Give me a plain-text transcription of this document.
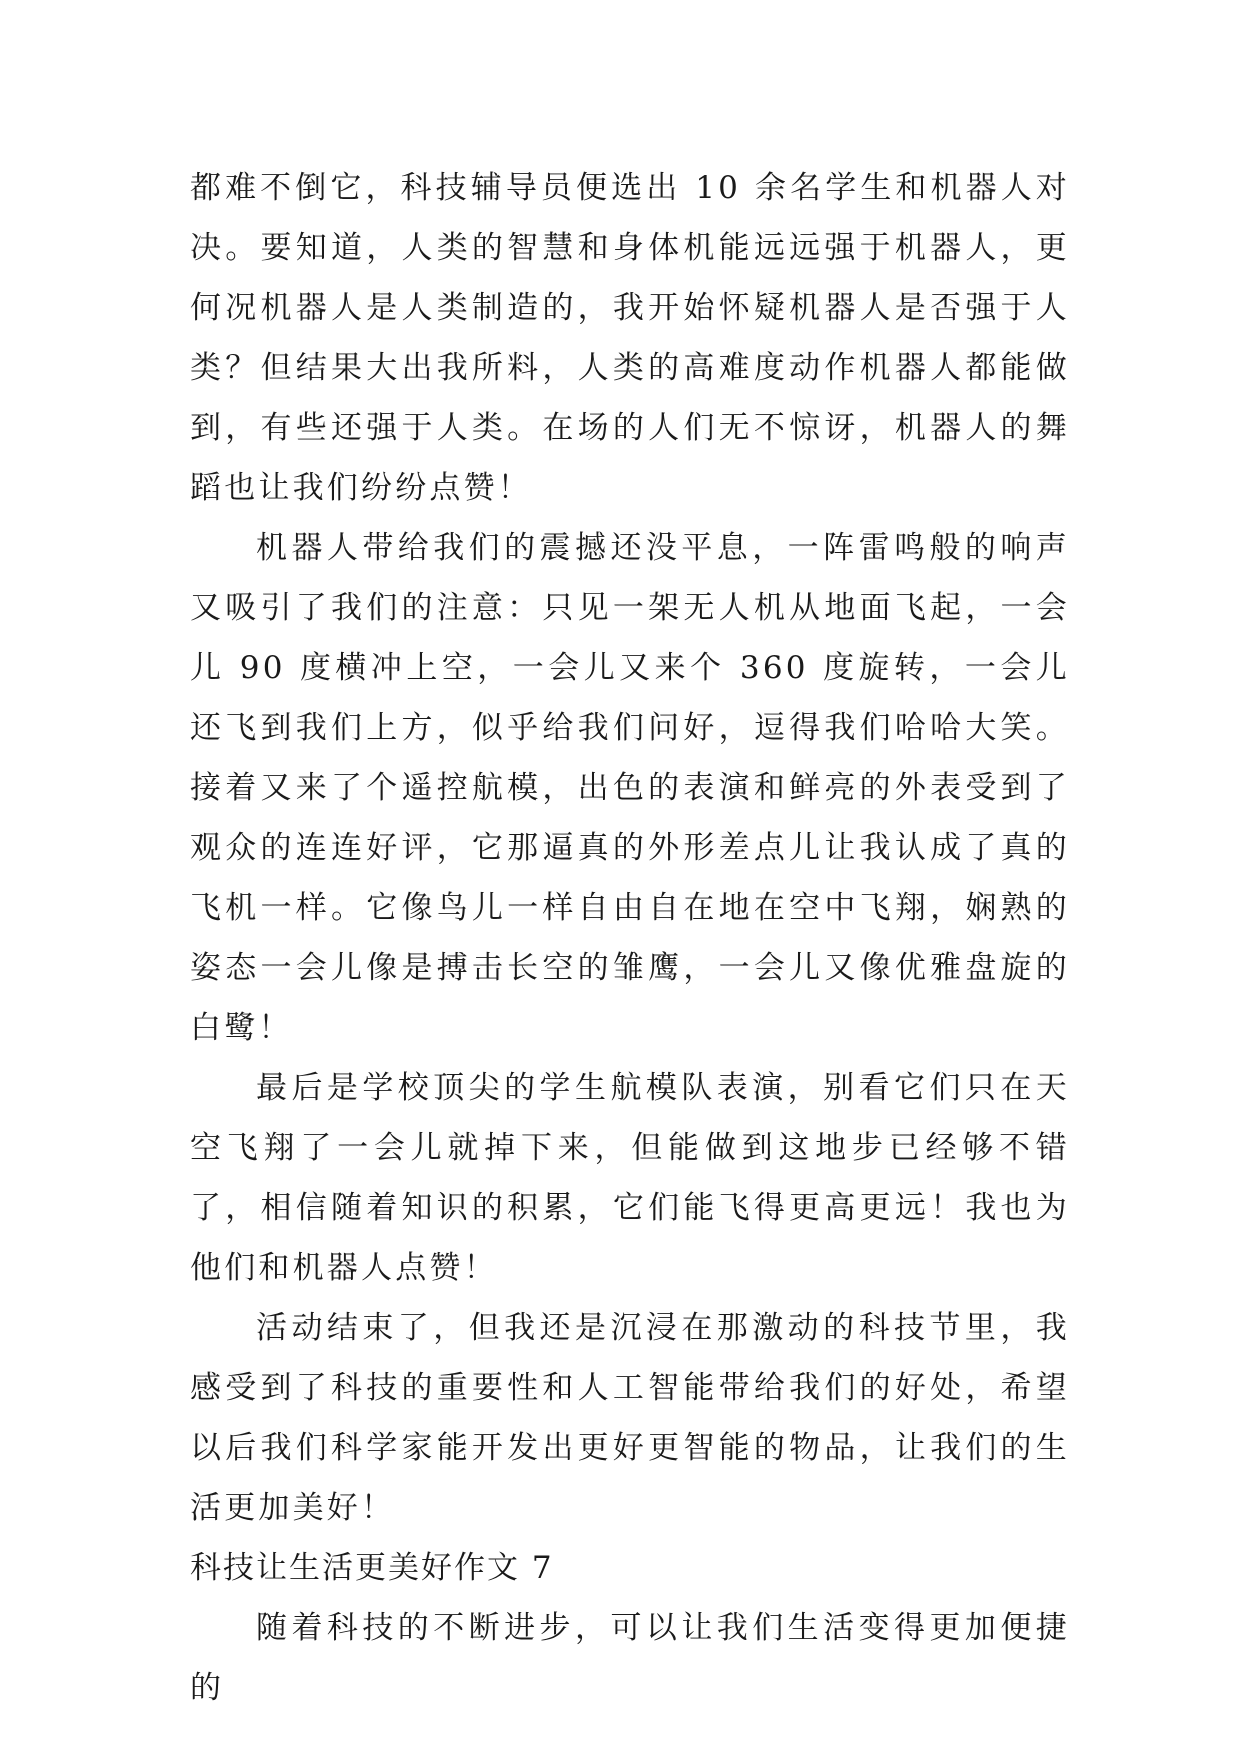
都难不倒它，科技辅导员便选出 10 余名学生和机器人对决。要知道，人类的智慧和身体机能远远强于机器人，更何况机器人是人类制造的，我开始怀疑机器人是否强于人类？但结果大出我所料，人类的高难度动作机器人都能做到，有些还强于人类。在场的人们无不惊讶，机器人的舞蹈也让我们纷纷点赞！

机器人带给我们的震撼还没平息，一阵雷鸣般的响声又吸引了我们的注意：只见一架无人机从地面飞起，一会儿 90 度横冲上空，一会儿又来个 360 度旋转，一会儿还飞到我们上方，似乎给我们问好，逗得我们哈哈大笑。接着又来了个遥控航模，出色的表演和鲜亮的外表受到了观众的连连好评，它那逼真的外形差点儿让我认成了真的飞机一样。它像鸟儿一样自由自在地在空中飞翔，娴熟的姿态一会儿像是搏击长空的雏鹰，一会儿又像优雅盘旋的白鹭！

最后是学校顶尖的学生航模队表演，别看它们只在天空飞翔了一会儿就掉下来，但能做到这地步已经够不错了，相信随着知识的积累，它们能飞得更高更远！我也为他们和机器人点赞！

活动结束了，但我还是沉浸在那激动的科技节里，我感受到了科技的重要性和人工智能带给我们的好处，希望以后我们科学家能开发出更好更智能的物品，让我们的生活更加美好！

科技让生活更美好作文 7

随着科技的不断进步，可以让我们生活变得更加便捷的
